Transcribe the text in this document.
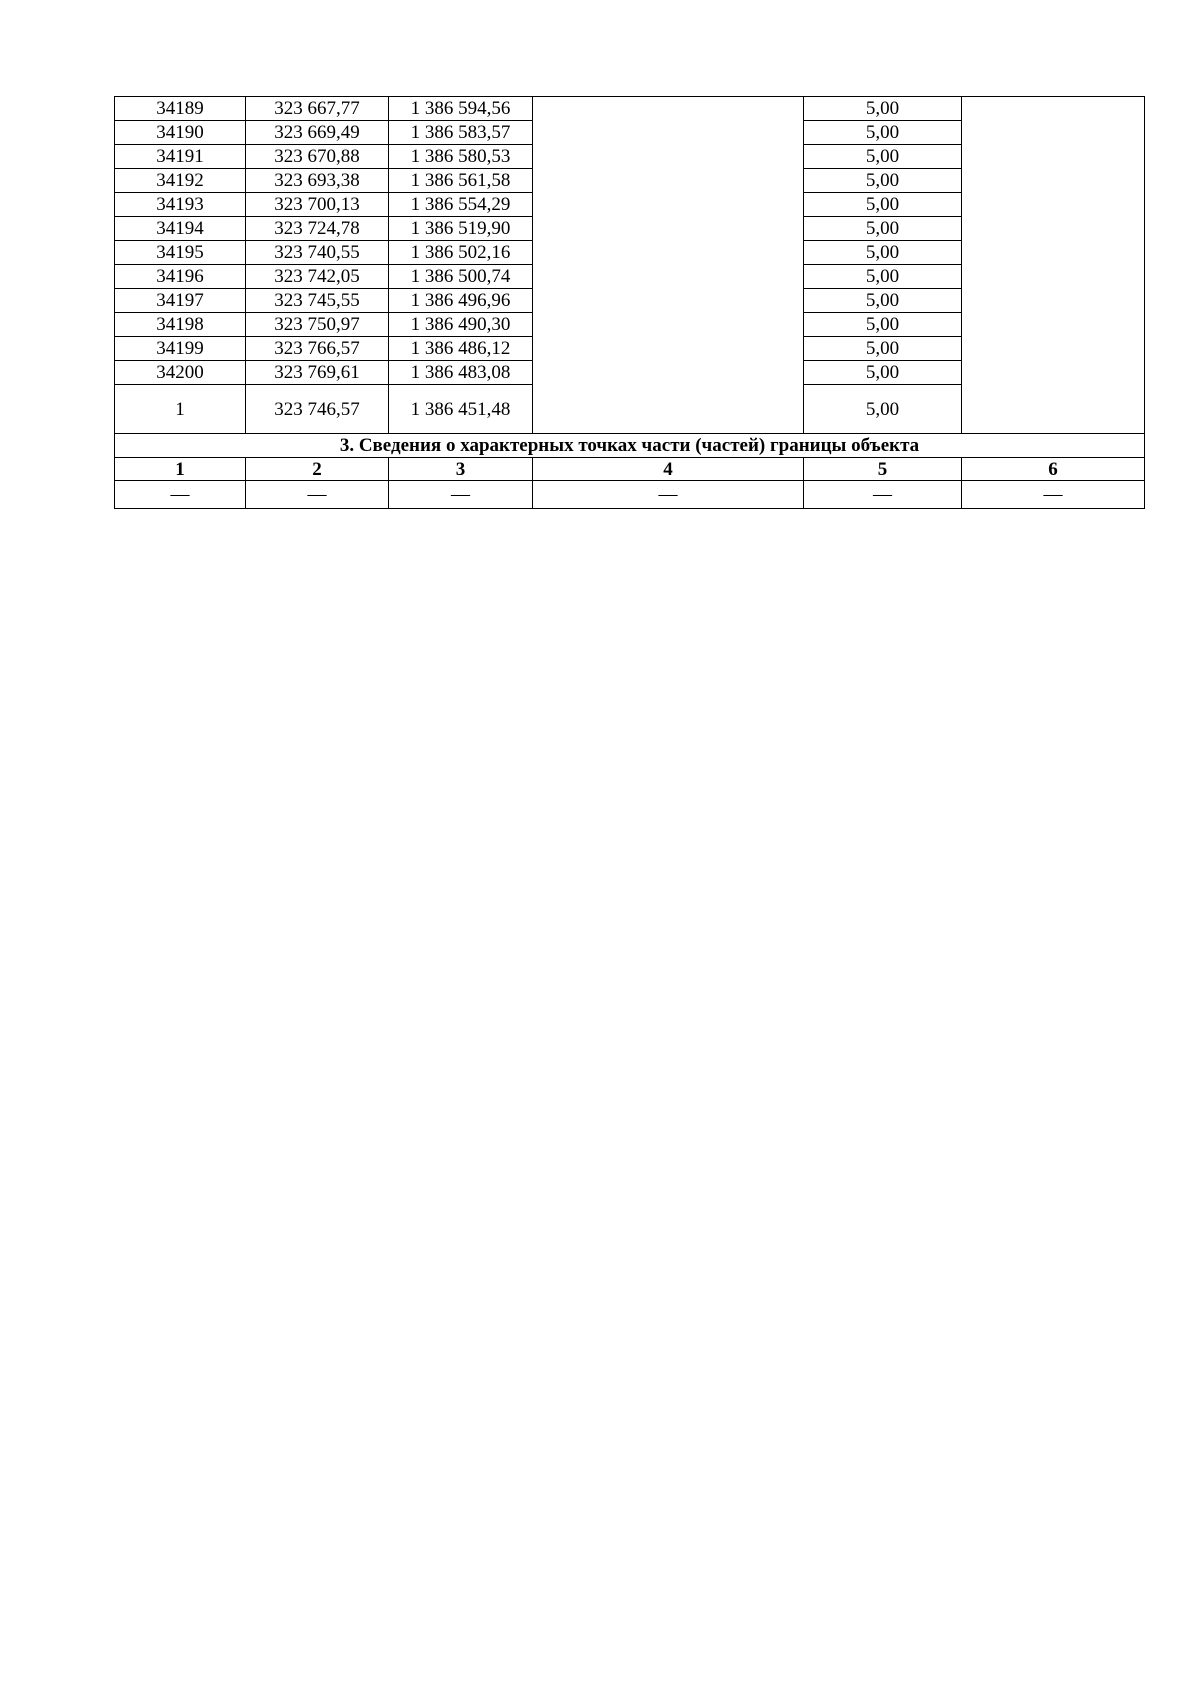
34189	323 667,77	1 386 594,56		5,00	
34190	323 669,49	1 386 583,57		5,00	
34191	323 670,88	1 386 580,53		5,00	
34192	323 693,38	1 386 561,58		5,00	
34193	323 700,13	1 386 554,29		5,00	
34194	323 724,78	1 386 519,90		5,00	
34195	323 740,55	1 386 502,16		5,00	
34196	323 742,05	1 386 500,74		5,00	
34197	323 745,55	1 386 496,96		5,00	
34198	323 750,97	1 386 490,30		5,00	
34199	323 766,57	1 386 486,12		5,00	
34200	323 769,61	1 386 483,08		5,00	
1	323 746,57	1 386 451,48		5,00	
3. Сведения о характерных точках части (частей) границы объекта					
1	2	3	4	5	6
—	—	—	—	—	—
